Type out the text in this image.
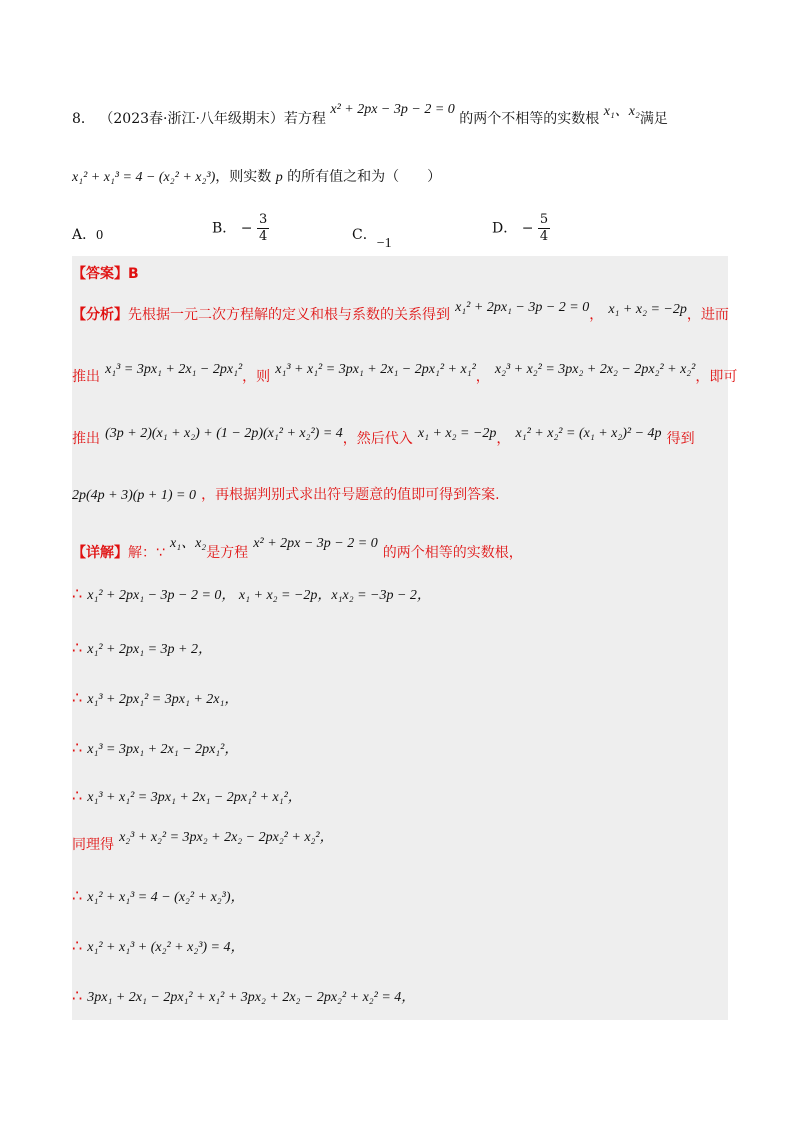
8． （2023春·浙江·八年级期末）若方程 x² + 2px − 3p − 2 = 0 的两个不相等的实数根 x₁、x₂满足
x₁² + x₁³ = 4 − (x₂² + x₂³)，则实数 p 的所有值之和为（　　）
A．0	B． − $\frac{3}{4}$	C．−1
D． − $\frac{5}{4}$
【答案】B
【分析】先根据一元二次方程解的定义和根与系数的关系得到 x₁² + 2px₁ − 3p − 2 = 0， x₁ + x₂ = −2p，进而
推出 x₁³ = 3px₁ + 2x₁ − 2px₁²，则 x₁³ + x₁² = 3px₁ + 2x₁ − 2px₁² + x₁²， x₂³ + x₂² = 3px₂ + 2x₂ − 2px₂² + x₂²，即可
推出 (3p + 2)(x₁ + x₂) + (1 − 2p)(x₁² + x₂²) = 4，然后代入 x₁ + x₂ = −2p， x₁² + x₂² = (x₁ + x₂)² − 4p 得到
2p(4p + 3)(p + 1) = 0 ，再根据判别式求出符号题意的值即可得到答案.
【详解】解：∵ x₁、x₂是方程 x² + 2px − 3p − 2 = 0 的两个相等的实数根，
∴ x₁² + 2px₁ − 3p − 2 = 0， x₁ + x₂ = −2p，x₁x₂ = −3p − 2，
∴ x₁² + 2px₁ = 3p + 2，
∴ x₁³ + 2px₁² = 3px₁ + 2x₁，
∴ x₁³ = 3px₁ + 2x₁ − 2px₁²，
∴ x₁³ + x₁² = 3px₁ + 2x₁ − 2px₁² + x₁²，
同理得 x₂³ + x₂² = 3px₂ + 2x₂ − 2px₂² + x₂²，
∴ x₁² + x₁³ = 4 − (x₂² + x₂³)，
∴ x₁² + x₁³ + (x₂² + x₂³) = 4，
∴ 3px₁ + 2x₁ − 2px₁² + x₁² + 3px₂ + 2x₂ − 2px₂² + x₂² = 4，
